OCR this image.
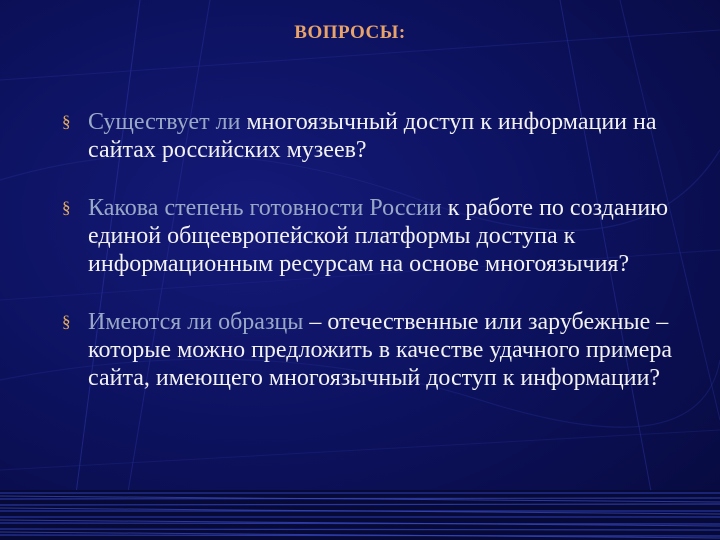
ВОПРОСЫ:
§ Существует ли многоязычный доступ к информации на сайтах российских музеев?
§ Какова степень готовности России к работе по созданию единой общеевропейской платформы доступа к информационным ресурсам на основе многоязычия?
§ Имеются ли образцы – отечественные или зарубежные – которые можно предложить в качестве удачного примера сайта, имеющего многоязычный доступ к информации?
